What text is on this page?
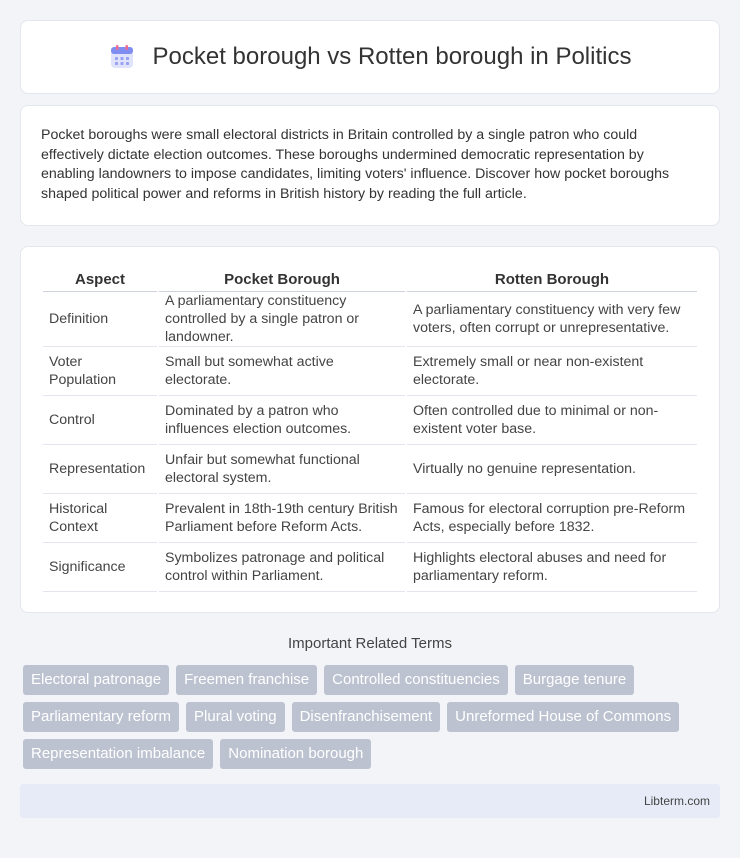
Pocket borough vs Rotten borough in Politics

Pocket boroughs were small electoral districts in Britain controlled by a single patron who could effectively dictate election outcomes. These boroughs undermined democratic representation by enabling landowners to impose candidates, limiting voters' influence. Discover how pocket boroughs shaped political power and reforms in British history by reading the full article.

Aspect	Pocket Borough	Rotten Borough
Definition	A parliamentary constituency controlled by a single patron or landowner.	A parliamentary constituency with very few voters, often corrupt or unrepresentative.
Voter Population	Small but somewhat active electorate.	Extremely small or near non-existent electorate.
Control	Dominated by a patron who influences election outcomes.	Often controlled due to minimal or non-existent voter base.
Representation	Unfair but somewhat functional electoral system.	Virtually no genuine representation.
Historical Context	Prevalent in 18th-19th century British Parliament before Reform Acts.	Famous for electoral corruption pre-Reform Acts, especially before 1832.
Significance	Symbolizes patronage and political control within Parliament.	Highlights electoral abuses and need for parliamentary reform.
Important Related Terms
Electoral patronage	Freemen franchise	Controlled constituencies	Burgage tenure
Parliamentary reform	Plural voting	Disenfranchisement	Unreformed House of Commons
Representation imbalance	Nomination borough
Libterm.com
